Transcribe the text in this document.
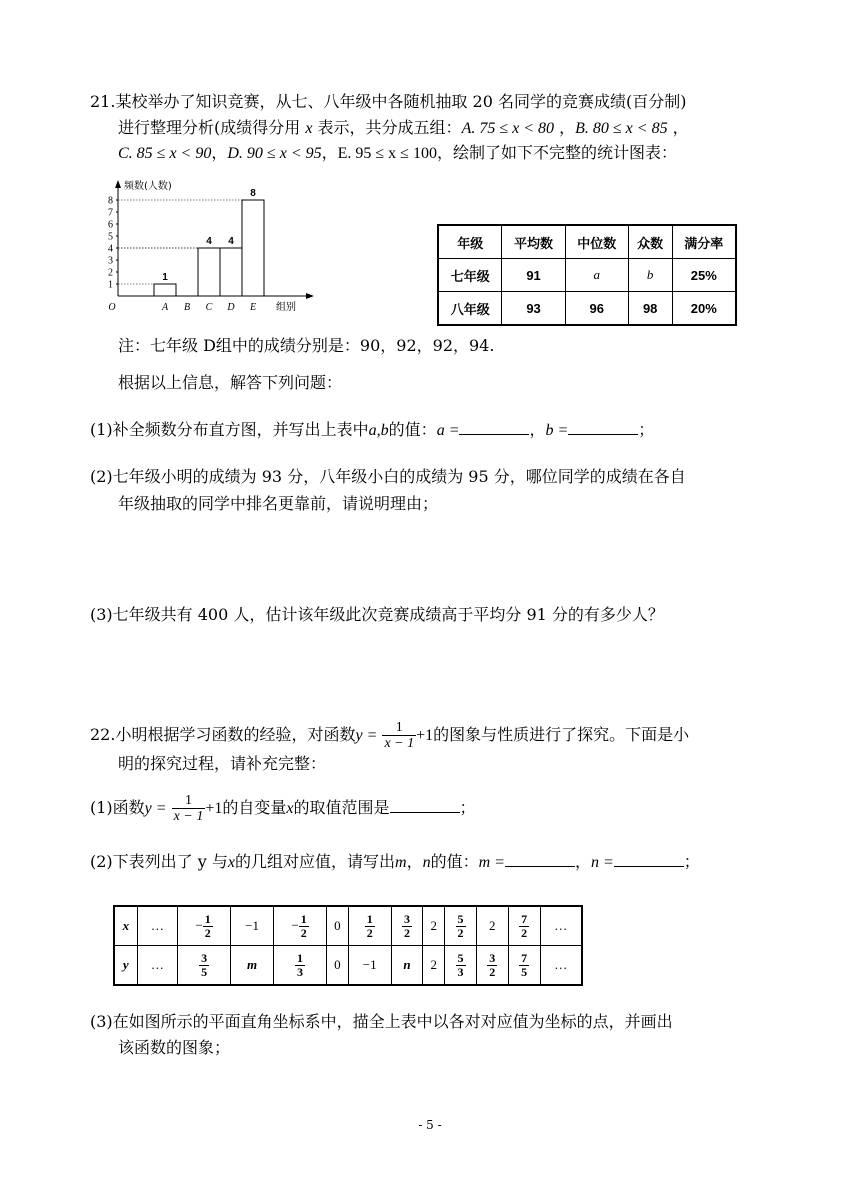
21.某校举办了知识竞赛，从七、八年级中各随机抽取 20 名同学的竞赛成绩(百分制)
进行整理分析(成绩得分用 x 表示，共分成五组：A. 75 ≤ x < 80 ，B. 80 ≤ x < 85 ，
C. 85 ≤ x < 90，D. 90 ≤ x < 95，E. 95 ≤ x ≤ 100，绘制了如下不完整的统计图表：
频数(人数)
1
2
3
4
5
6
7
8
O
1
A B
4
C
4
D
8
E 组别
年级	平均数	中位数	众数	满分率
七年级	91	a	b	25%
八年级	93	96	98	20%
注：七年级 D组中的成绩分别是：90，92，92，94.
根据以上信息，解答下列问题：
(1)补全频数分布直方图，并写出上表中a,b的值：a =	，b =	；
(2)七年级小明的成绩为 93 分，八年级小白的成绩为 95 分，哪位同学的成绩在各自
年级抽取的同学中排名更靠前，请说明理由；
(3)七年级共有 400 人，估计该年级此次竞赛成绩高于平均分 91 分的有多少人？
22.小明根据学习函数的经验，对函数$y = \frac{1}{x - 1} +1$的图象与性质进行了探究。下面是小
明的探究过程，请补充完整：
(1)函数$y = \frac{1}{x - 1} +1$的自变量x的取值范围是	；
(2)下表列出了 y 与x的几组对应值，请写出m，n的值：m =	，n =	；
x	…	− $\frac{1}{2}$	−1	− $\frac{1}{2}$	0	$\frac{1}{2}$	$\frac{3}{2}$	2	$\frac{5}{2}$	2	$\frac{7}{2}$	…
y	…	$\frac{3}{5}$	m	$\frac{1}{3}$	0	−1	n	2	$\frac{5}{3}$	$\frac{3}{2}$	$\frac{7}{5}$	…
(3)在如图所示的平面直角坐标系中，描全上表中以各对对应值为坐标的点，并画出
该函数的图象；
- 5 -
